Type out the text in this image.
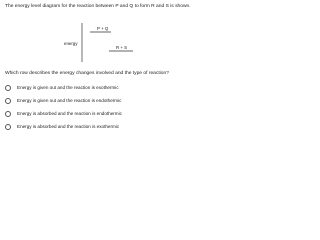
The energy level diagram for the reaction between P and Q to form R and S is shown.
energy
P + Q
R + S
Which row describes the energy changes involved and the type of reaction?
Energy is given out and the reaction is exothermic
Energy is given out and the reaction is endothermic
Energy is absorbed and the reaction is endothermic
Energy is absorbed and the reaction is exothermic
